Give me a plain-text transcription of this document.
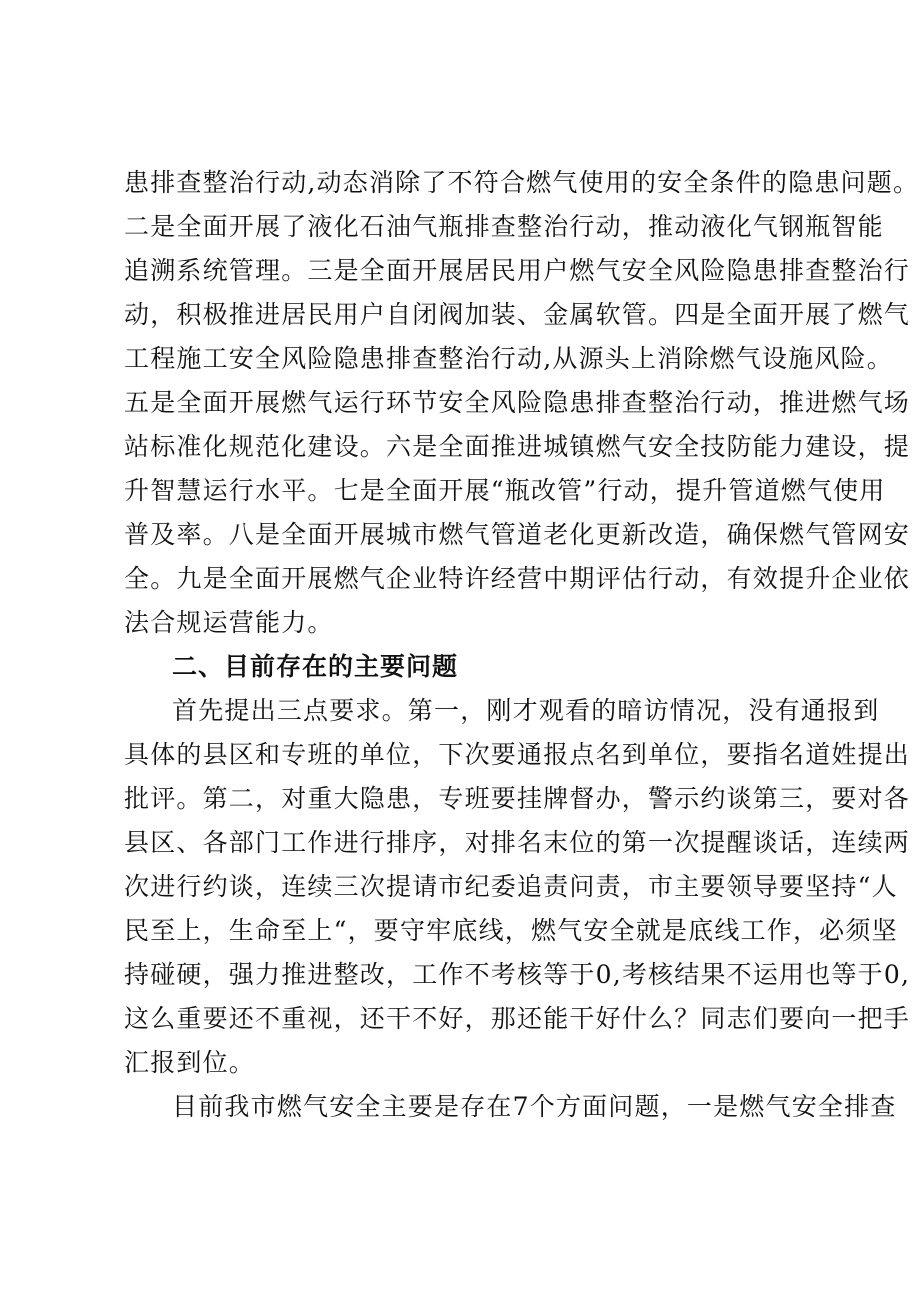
患排查整治行动,动态消除了不符合燃气使用的安全条件的隐患问题。
二是全面开展了液化石油气瓶排查整治行动，推动液化气钢瓶智能
追溯系统管理。三是全面开展居民用户燃气安全风险隐患排查整治行
动，积极推进居民用户自闭阀加装、金属软管。四是全面开展了燃气
工程施工安全风险隐患排查整治行动,从源头上消除燃气设施风险。
五是全面开展燃气运行环节安全风险隐患排查整治行动，推进燃气场
站标准化规范化建设。六是全面推进城镇燃气安全技防能力建设，提
升智慧运行水平。七是全面开展“瓶改管”行动，提升管道燃气使用
普及率。八是全面开展城市燃气管道老化更新改造，确保燃气管网安
全。九是全面开展燃气企业特许经营中期评估行动，有效提升企业依
法合规运营能力。
二、目前存在的主要问题
首先提出三点要求。第一，刚才观看的暗访情况，没有通报到
具体的县区和专班的单位，下次要通报点名到单位，要指名道姓提出
批评。第二，对重大隐患，专班要挂牌督办，警示约谈第三，要对各
县区、各部门工作进行排序，对排名末位的第一次提醒谈话，连续两
次进行约谈，连续三次提请市纪委追责问责，市主要领导要坚持“人
民至上，生命至上“，要守牢底线，燃气安全就是底线工作，必须坚
持碰硬，强力推进整改，工作不考核等于0,考核结果不运用也等于0,
这么重要还不重视，还干不好，那还能干好什么？同志们要向一把手
汇报到位。
目前我市燃气安全主要是存在7个方面问题，一是燃气安全排查
